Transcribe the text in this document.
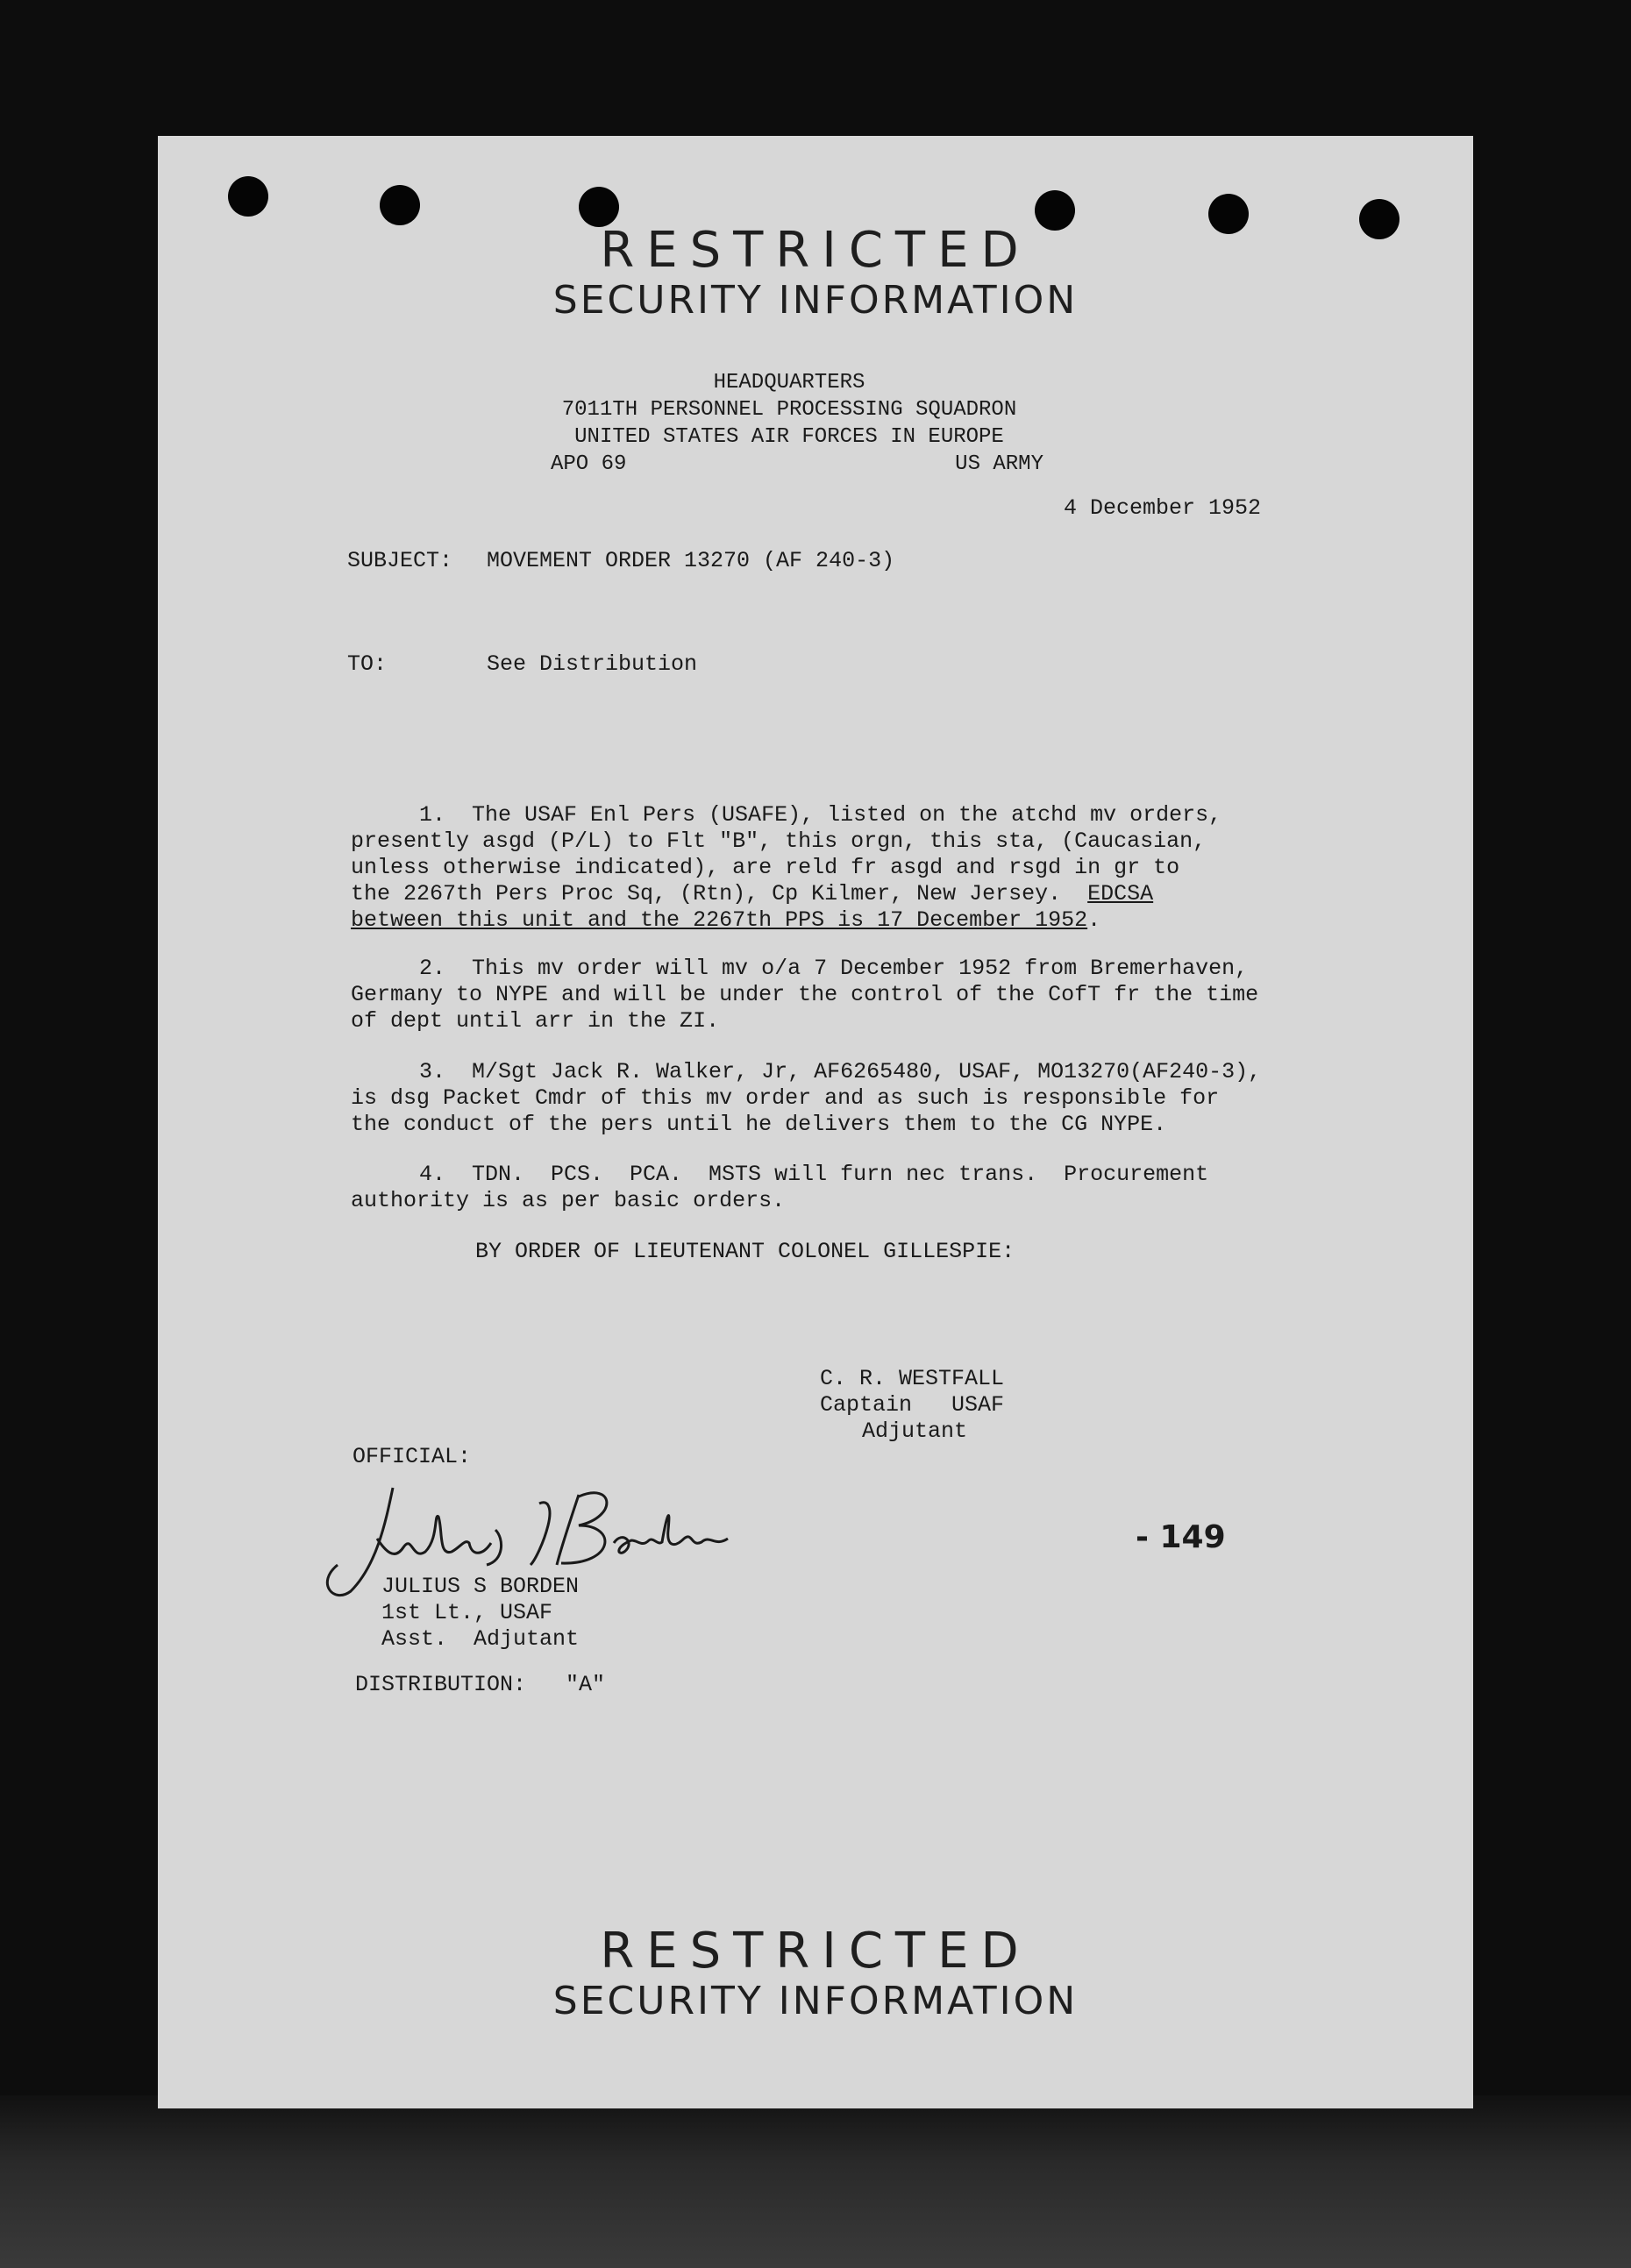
RESTRICTED
SECURITY INFORMATION
HEADQUARTERS
7011TH PERSONNEL PROCESSING SQUADRON
UNITED STATES AIR FORCES IN EUROPE
APO 69	US ARMY
4 December 1952
SUBJECT: MOVEMENT ORDER 13270 (AF 240-3)
TO:	See Distribution
1.  The USAF Enl Pers (USAFE), listed on the atchd mv orders,
presently asgd (P/L) to Flt "B", this orgn, this sta, (Caucasian,
unless otherwise indicated), are reld fr asgd and rsgd in gr to
the 2267th Pers Proc Sq, (Rtn), Cp Kilmer, New Jersey.  EDCSA
between this unit and the 2267th PPS is 17 December 1952.
2.  This mv order will mv o/a 7 December 1952 from Bremerhaven,
Germany to NYPE and will be under the control of the CofT fr the time
of dept until arr in the ZI.
3.  M/Sgt Jack R. Walker, Jr, AF6265480, USAF, MO13270(AF240-3),
is dsg Packet Cmdr of this mv order and as such is responsible for
the conduct of the pers until he delivers them to the CG NYPE.
4.  TDN.  PCS.  PCA.  MSTS will furn nec trans.  Procurement
authority is as per basic orders.
BY ORDER OF LIEUTENANT COLONEL GILLESPIE:
C. R. WESTFALL
Captain   USAF
Adjutant
OFFICIAL:
JULIUS S BORDEN
1st Lt., USAF
Asst.  Adjutant
- 149
DISTRIBUTION: "A"
RESTRICTED
SECURITY INFORMATION
